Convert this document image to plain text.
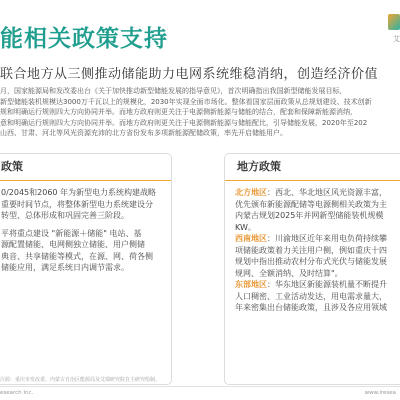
能相关政策支持	艾
联合地方从三侧推动储能助力电网系统维稳消纳，创造经济价值
月，国家能源局和发改委出台《关于加快推动新型储能发展的指导意见》，首次明确指出我国新型储能发展目标，
新型储能装机规模达3000万千瓦以上的规模化，2030年实现全面市场化。整体看国家层面政策从总规划建设、技术创新
规和明确运行规则四大方向协同并举。而地方政府则更关注于电源侧新能源与储能的结合，配套和保障新能源消纳，
意和明确运行规则四大方向协同并举。而地方政府则更关注于电源侧新能源与储能配比，引导储能发展，2020年至202
山西、甘肃、河北等风光资源充沛的北方省份发布多项新能源配储政策，率先开启储能用户。
政策
0/2045和2060 年为新型电力系统构建战略
重要时间节点，将整体新型电力系统建设分
转型、总体形成和巩固完善三阶段。
平将重点建设 "新能源＋储能" 电站、基
源配置储能、电网侧独立储能、用户侧储
典音、共享储能等模式，在源、网、荷各侧
储能应用，满足系统日内调节需求。
地方政策
北方地区：西北、华北地区风光资源丰富，
优先颁布新能源配储等电源侧相关政策为主
内蒙古规划2025年并网新型储能装机规模
KW。
西南地区：川渝地区近年来用电负荷持续攀
项储能政策着力关注用户侧，例如重庆十四
规划中指出推动农村分布式光伏与储能发展
规网、全额消纳、及时结算"。
东部地区：华东地区新能源装机量不断提升
人口稠密、工业活动发达，用电需求量大，
年来密集出台储能政策，且涉及各应用领域
注源：重庆市发改委、内蒙古自治区能源局及艾瑞研究院自主研究绘制。
esearch Inc.	www.iresea
